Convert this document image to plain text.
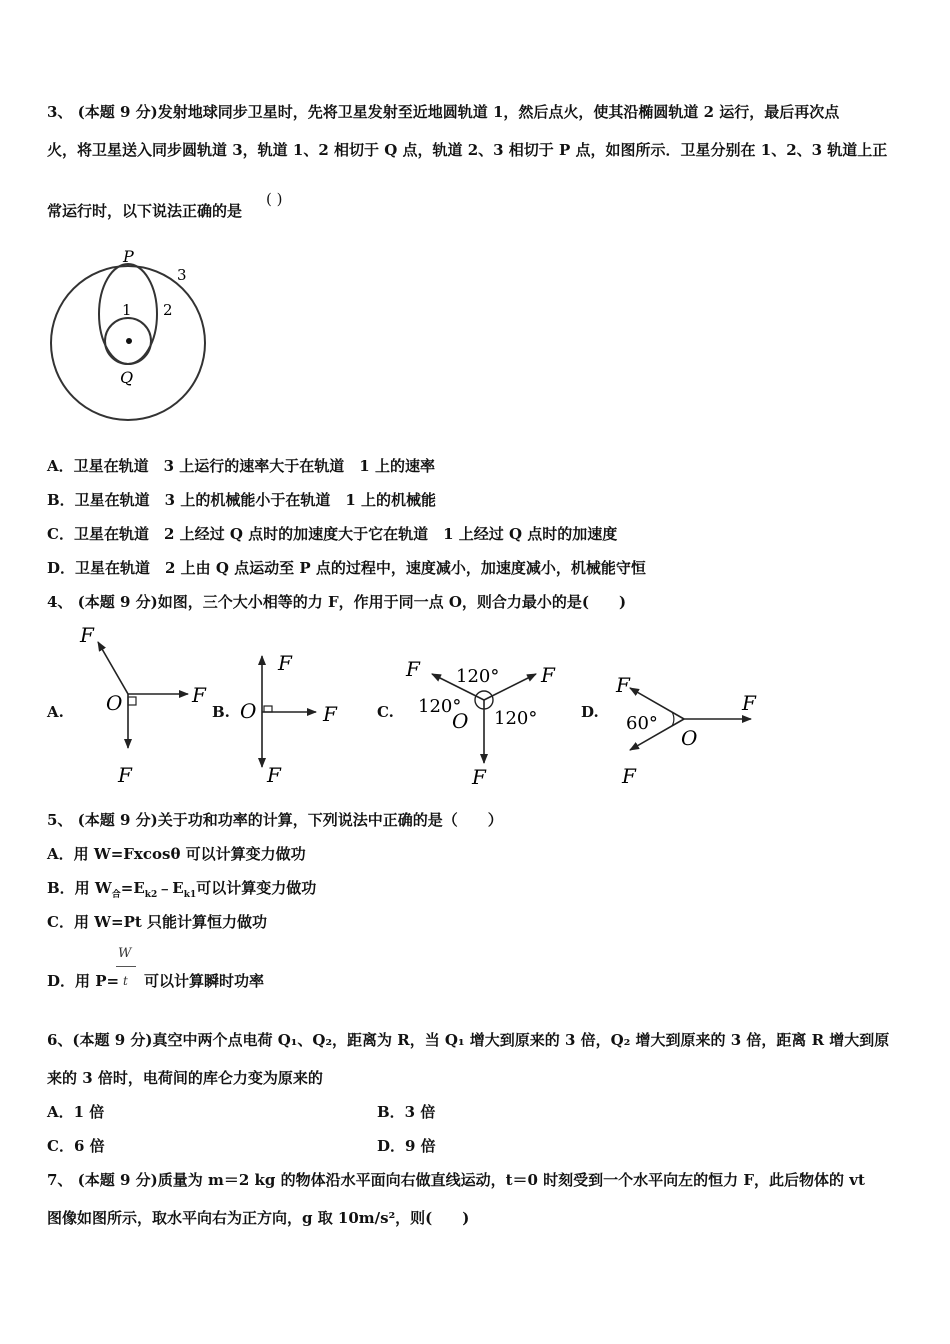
3、 (本题 9 分)发射地球同步卫星时，先将卫星发射至近地圆轨道 1，然后点火，使其沿椭圆轨道 2 运行，最后再次点
火，将卫星送入同步圆轨道 3，轨道 1、2 相切于 Q 点，轨道 2、3 相切于 P 点，如图所示．卫星分别在 1、2、3 轨道上正
常运行时，以下说法正确的是
( )
P
Q
1 2
3
A．卫星在轨道　3 上运行的速率大于在轨道　1 上的速率
B．卫星在轨道　3 上的机械能小于在轨道　1 上的机械能
C．卫星在轨道　2 上经过 Q 点时的加速度大于它在轨道　1 上经过 Q 点时的加速度
D．卫星在轨道　2 上由 Q 点运动至 P 点的过程中，速度减小，加速度减小，机械能守恒
4、 (本题 9 分)如图，三个大小相等的力 F，作用于同一点 O，则合力最小的是(　　)
A.	B.	C.	D.
F
F
F
O
F
F
F
O
F	F
F
O
120°
120°
120°
F
F
F
O
60°
5、 (本题 9 分)关于功和功率的计算，下列说法中正确的是（　　）
A．用 W=Fxcosθ 可以计算变力做功
B．用 $W_合=E_{k2}﹣E_{k1}$可以计算变力做功
C．用 W=Pt 只能计算恒力做功
D．用 P=
W
t 可以计算瞬时功率
6、(本题 9 分)真空中两个点电荷 Q₁、Q₂，距离为 R，当 Q₁ 增大到原来的 3 倍，Q₂ 增大到原来的 3 倍，距离 R 增大到原
来的 3 倍时，电荷间的库仑力变为原来的
A．1 倍	B．3 倍
C．6 倍	D．9 倍
7、 (本题 9 分)质量为 m＝2 kg 的物体沿水平面向右做直线运动，t＝0 时刻受到一个水平向左的恒力 F，此后物体的 vt
图像如图所示，取水平向右为正方向，g 取 10m/s²，则(　　)
